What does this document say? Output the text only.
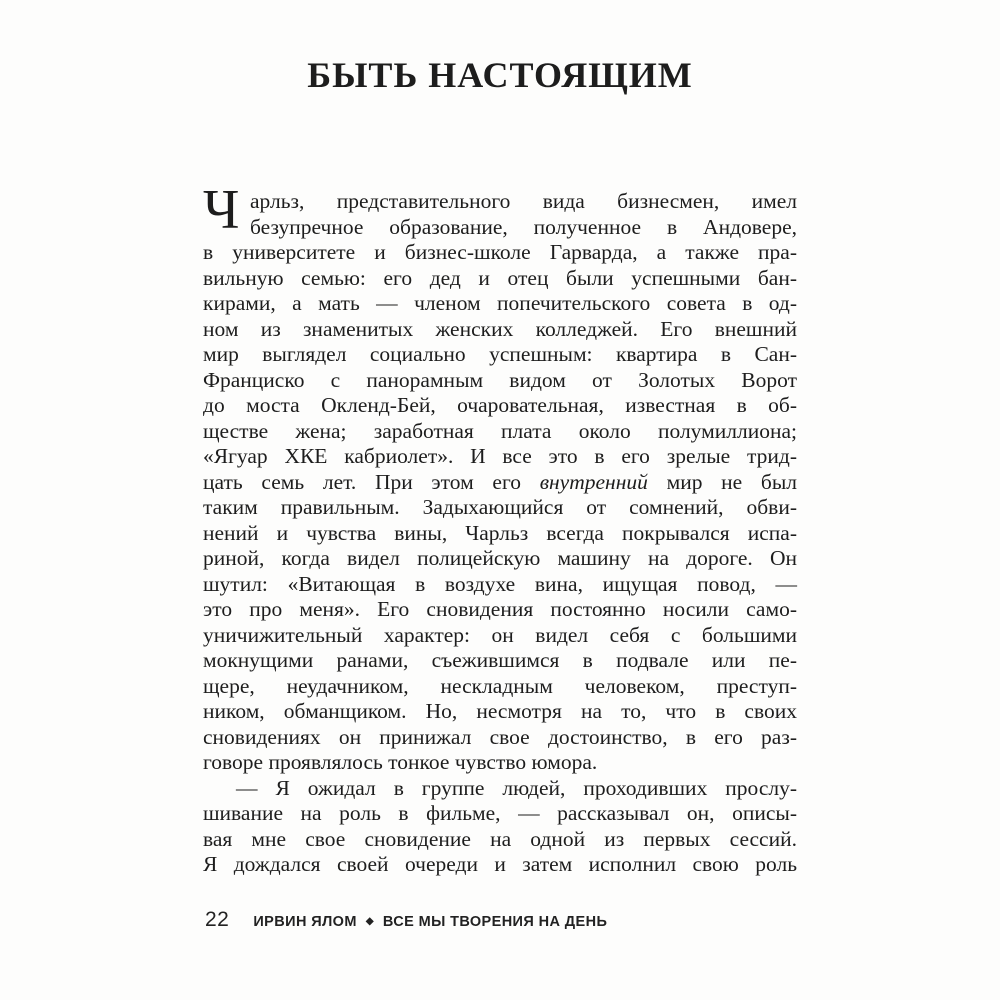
БЫТЬ НАСТОЯЩИМ
Ч арльз, представительного вида бизнесмен, имел
безупречное образование, полученное в Андовере,
в университете и бизнес-школе Гарварда, а также пра-
вильную семью: его дед и отец были успешными бан-
кирами, а мать — членом попечительского совета в од-
ном из знаменитых женских колледжей. Его внешний
мир выглядел социально успешным: квартира в Сан-
Франциско с панорамным видом от Золотых Ворот
до моста Окленд-Бей, очаровательная, известная в об-
ществе жена; заработная плата около полумиллиона;
«Ягуар ХКЕ кабриолет». И все это в его зрелые трид-
цать семь лет. При этом его внутренний мир не был
таким правильным. Задыхающийся от сомнений, обви-
нений и чувства вины, Чарльз всегда покрывался испа-
риной, когда видел полицейскую машину на дороге. Он
шутил: «Витающая в воздухе вина, ищущая повод, —
это про меня». Его сновидения постоянно носили само-
уничижительный характер: он видел себя с большими
мокнущими ранами, съежившимся в подвале или пе-
щере, неудачником, нескладным человеком, преступ-
ником, обманщиком. Но, несмотря на то, что в своих
сновидениях он принижал свое достоинство, в его раз-
говоре проявлялось тонкое чувство юмора.
— Я ожидал в группе людей, проходивших прослу-
шивание на роль в фильме, — рассказывал он, описы-
вая мне свое сновидение на одной из первых сессий.
Я дождался своей очереди и затем исполнил свою роль
22 ИРВИН ЯЛОМ ◆ ВСЕ МЫ ТВОРЕНИЯ НА ДЕНЬ
